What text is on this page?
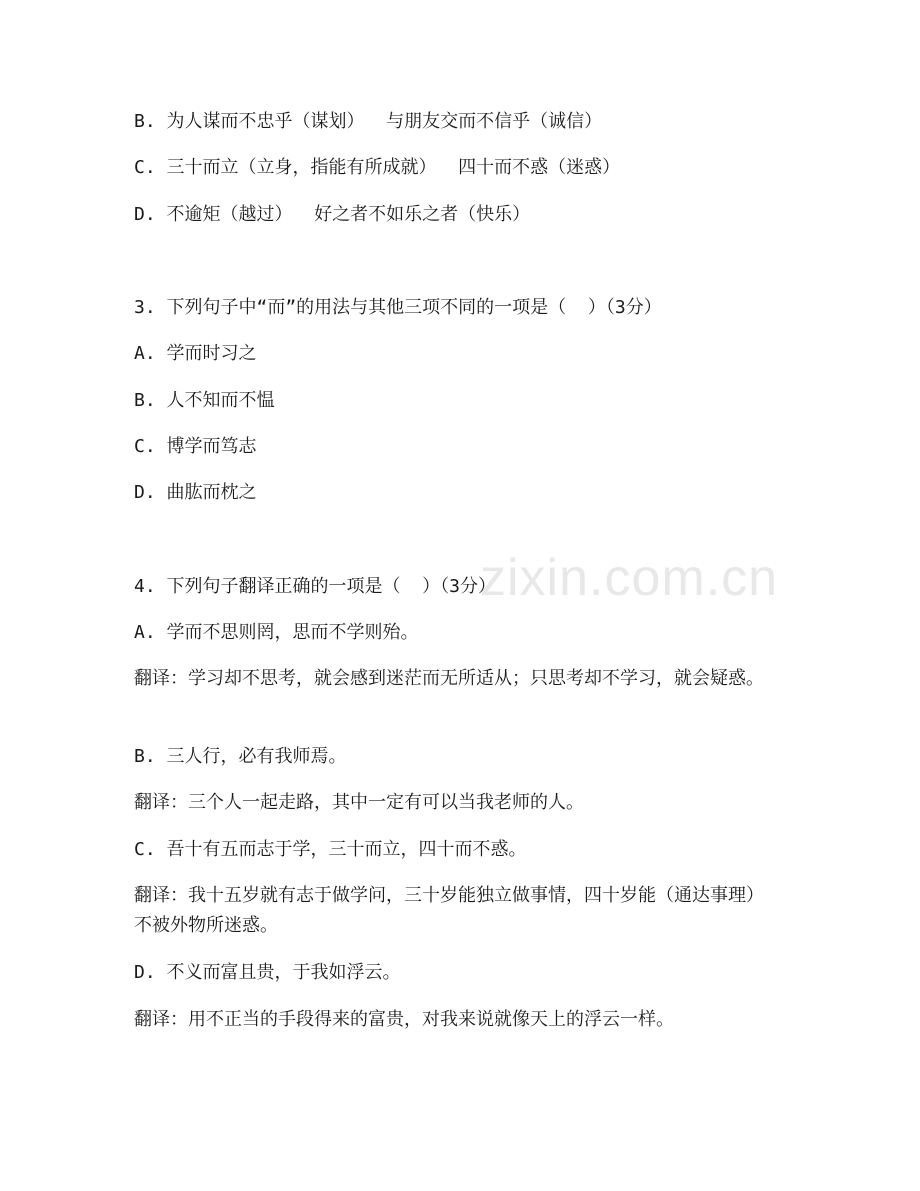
B. 为人谋而不忠乎（谋划）  与朋友交而不信乎（诚信）
C. 三十而立（立身，指能有所成就）  四十而不惑（迷惑）
D. 不逾矩（越过）  好之者不如乐之者（快乐）
3. 下列句子中“而”的用法与其他三项不同的一项是（  ）（3分）
A. 学而时习之
B. 人不知而不愠
C. 博学而笃志
D. 曲肱而枕之
4. 下列句子翻译正确的一项是（  ）（3分）
A. 学而不思则罔，思而不学则殆。
翻译：学习却不思考，就会感到迷茫而无所适从；只思考却不学习，就会疑惑。
B. 三人行，必有我师焉。
翻译：三个人一起走路，其中一定有可以当我老师的人。
C. 吾十有五而志于学，三十而立，四十而不惑。
翻译：我十五岁就有志于做学问，三十岁能独立做事情，四十岁能（通达事理）不被外物所迷惑。
D. 不义而富且贵，于我如浮云。
翻译：用不正当的手段得来的富贵，对我来说就像天上的浮云一样。
zixin.com.cn
